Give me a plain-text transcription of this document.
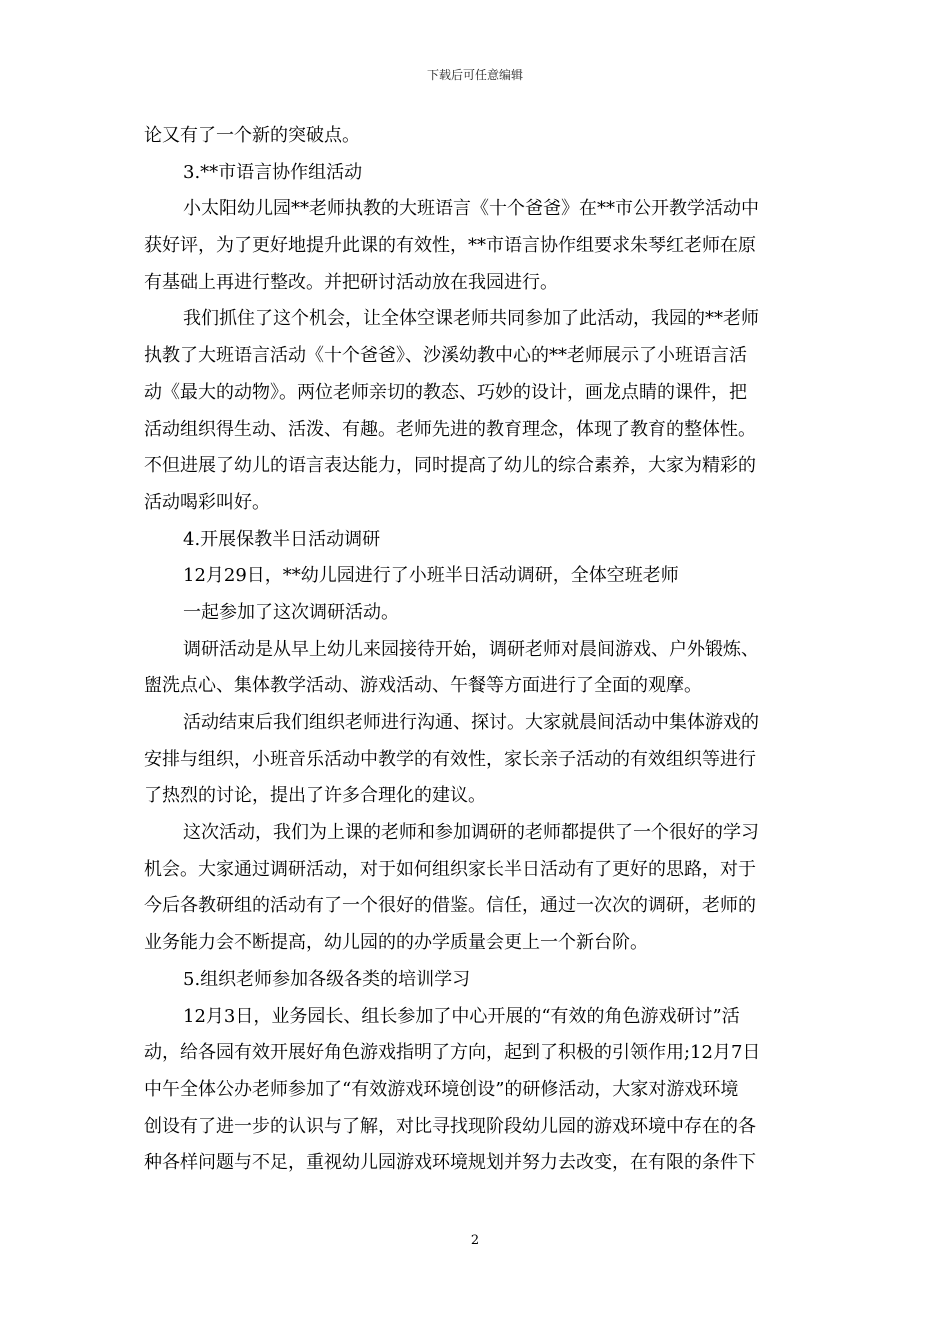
下载后可任意编辑
论又有了一个新的突破点。
3.**市语言协作组活动
小太阳幼儿园**老师执教的大班语言《十个爸爸》在**市公开教学活动中
获好评，为了更好地提升此课的有效性，**市语言协作组要求朱琴红老师在原
有基础上再进行整改。并把研讨活动放在我园进行。
我们抓住了这个机会，让全体空课老师共同参加了此活动，我园的**老师
执教了大班语言活动《十个爸爸》、沙溪幼教中心的**老师展示了小班语言活
动《最大的动物》。两位老师亲切的教态、巧妙的设计，画龙点睛的课件，把
活动组织得生动、活泼、有趣。老师先进的教育理念，体现了教育的整体性。
不但进展了幼儿的语言表达能力，同时提高了幼儿的综合素养，大家为精彩的
活动喝彩叫好。
4.开展保教半日活动调研
12月29日，**幼儿园进行了小班半日活动调研，全体空班老师
一起参加了这次调研活动。
调研活动是从早上幼儿来园接待开始，调研老师对晨间游戏、户外锻炼、
盥洗点心、集体教学活动、游戏活动、午餐等方面进行了全面的观摩。
活动结束后我们组织老师进行沟通、探讨。大家就晨间活动中集体游戏的
安排与组织，小班音乐活动中教学的有效性，家长亲子活动的有效组织等进行
了热烈的讨论，提出了许多合理化的建议。
这次活动，我们为上课的老师和参加调研的老师都提供了一个很好的学习
机会。大家通过调研活动，对于如何组织家长半日活动有了更好的思路，对于
今后各教研组的活动有了一个很好的借鉴。信任，通过一次次的调研，老师的
业务能力会不断提高，幼儿园的的办学质量会更上一个新台阶。
5.组织老师参加各级各类的培训学习
12月3日，业务园长、组长参加了中心开展的“有效的角色游戏研讨”活
动，给各园有效开展好角色游戏指明了方向，起到了积极的引领作用;12月7日
中午全体公办老师参加了“有效游戏环境创设”的研修活动，大家对游戏环境
创设有了进一步的认识与了解，对比寻找现阶段幼儿园的游戏环境中存在的各
种各样问题与不足，重视幼儿园游戏环境规划并努力去改变，在有限的条件下
2
